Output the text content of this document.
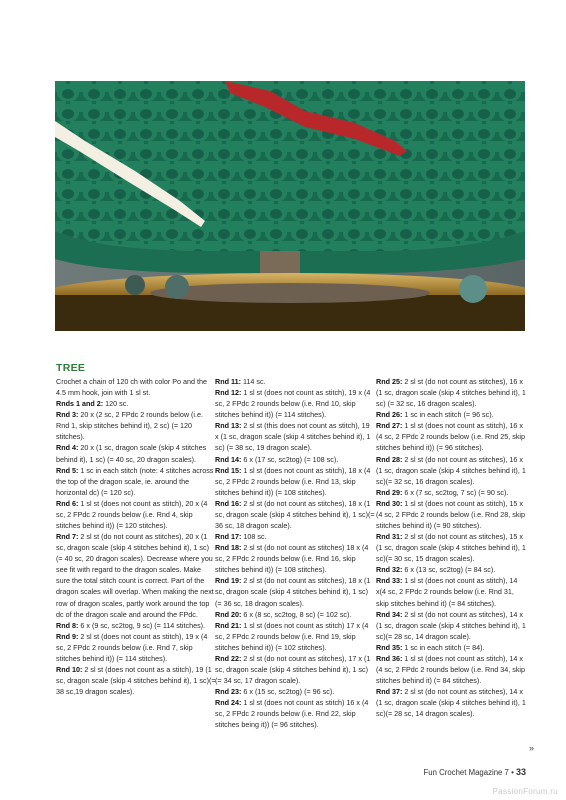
TREE

Crochet a chain of 120 ch with color Po and the 4.5 mm hook, join with 1 sl st.

Rnds 1 and 2: 120 sc.

Rnd 3: 20 x (2 sc, 2 FPdc 2 rounds below (i.e. Rnd 1, skip stitches behind it), 2 sc) (= 120 stitches).

Rnd 4: 20 x (1 sc, dragon scale (skip 4 stitches behind it), 1 sc) (= 40 sc, 20 dragon scales).

Rnd 5: 1 sc in each stitch (note: 4 stitches across the top of the dragon scale, ie. around the horizontal dc) (= 120 sc).

Rnd 6: 1 sl st (does not count as stitch), 20 x (4 sc, 2 FPdc 2 rounds below (i.e. Rnd 4, skip stitches behind it)) (= 120 stitches).

Rnd 7: 2 sl st (do not count as stitches), 20 x (1 sc, dragon scale (skip 4 stitches behind it), 1 sc) (= 40 sc, 20 dragon scales). Decrease where you see fit with regard to the dragon scales. Make sure the total stitch count is correct. Part of the dragon scales will overlap. When making the next row of dragon scales, partly work around the top dc of the dragon scale and around the FPdc.

Rnd 8: 6 x (9 sc, sc2tog, 9 sc) (= 114 stitches).

Rnd 9: 2 sl st (does not count as stitch), 19 x (4 sc, 2 FPdc 2 rounds below (i.e. Rnd 7, skip stitches behind it)) (= 114 stitches).

Rnd 10: 2 sl st (does not count as a stitch), 19 (1 sc, dragon scale (skip 4 stitches behind it), 1 sc)(= 38 sc,19 dragon scales).

Rnd 11: 114 sc.

Rnd 12: 1 sl st (does not count as stitch), 19 x (4 sc, 2 FPdc 2 rounds below (i.e. Rnd 10, skip stitches behind it)) (= 114 stitches).

Rnd 13: 2 sl st (this does not count as stitch), 19 x (1 sc, dragon scale (skip 4 stitches behind it), 1 sc) (= 38 sc, 19 dragon scale).

Rnd 14: 6 x (17 sc, sc2tog) (= 108 sc).

Rnd 15: 1 sl st (does not count as stitch), 18 x (4 sc, 2 FPdc 2 rounds below (i.e. Rnd 13, skip stitches behind it)) (= 108 stitches).

Rnd 16: 2 sl st (do not count as stitches), 18 x (1 sc, dragon scale (skip 4 stitches behind it), 1 sc)(= 36 sc, 18 dragon scale).

Rnd 17: 108 sc.

Rnd 18: 2 sl st (do not count as stitches) 18 x (4 sc, 2 FPdc 2 rounds below (i.e. Rnd 16, skip stitches behind it)) (= 108 stitches).

Rnd 19: 2 sl st (do not count as stitches), 18 x (1 sc, dragon scale (skip 4 stitches behind it), 1 sc) (= 36 sc, 18 dragon scales).

Rnd 20: 6 x (8 sc, sc2tog, 8 sc) (= 102 sc).

Rnd 21: 1 sl st (does not count as stitch) 17 x (4 sc, 2 FPdc 2 rounds below (i.e. Rnd 19, skip stitches behind it)) (= 102 stitches).

Rnd 22: 2 sl st (do not count as stitches), 17 x (1 sc, dragon scale (skip 4 stitches behind it), 1 sc) (= 34 sc, 17 dragon scale).

Rnd 23: 6 x (15 sc, sc2tog) (= 96 sc).

Rnd 24: 1 sl st (does not count as stitch) 16 x (4 sc, 2 FPdc 2 rounds below (i.e. Rnd 22, skip stitches being it)) (= 96 stitches).

Rnd 25: 2 sl st (do not count as stitches), 16 x (1 sc, dragon scale (skip 4 stitches behind it), 1 sc) (= 32 sc, 16 dragon scales).

Rnd 26: 1 sc in each stitch (= 96 sc).

Rnd 27: 1 sl st (does not count as stitch), 16 x (4 sc, 2 FPdc 2 rounds below (i.e. Rnd 25, skip stitches behind it)) (= 96 stitches).

Rnd 28: 2 sl st (do not count as stitches), 16 x (1 sc, dragon scale (skip 4 stitches behind it), 1 sc)(= 32 sc, 16 dragon scales).

Rnd 29: 6 x (7 sc, sc2tog, 7 sc) (= 90 sc).

Rnd 30: 1 sl st (does not count as stitch), 15 x (4 sc, 2 FPdc 2 rounds below (i.e. Rnd 28, skip stitches behind it) (= 90 stitches).

Rnd 31: 2 sl st (do not count as stitches), 15 x (1 sc, dragon scale (skip 4 stitches behind it), 1 sc)(= 30 sc, 15 dragon scales).

Rnd 32: 6 x (13 sc, sc2tog) (= 84 sc).

Rnd 33: 1 sl st (does not count as stitch), 14 x(4 sc, 2 FPdc 2 rounds below (i.e. Rnd 31, skip stitches behind it) (= 84 stitches).

Rnd 34: 2 sl st (do not count as stitches), 14 x (1 sc, dragon scale (skip 4 stitches behind it), 1 sc)(= 28 sc, 14 dragon scale).

Rnd 35: 1 sc in each stitch (= 84).

Rnd 36: 1 sl st (does not count as stitch), 14 x (4 sc, 2 FPdc 2 rounds below (i.e. Rnd 34, skip stitches behind it) (= 84 stitches).

Rnd 37: 2 sl st (do not count as stitches), 14 x (1 sc, dragon scale (skip 4 stitches behind it), 1 sc)(= 28 sc, 14 dragon scales).

»
Fun Crochet Magazine 7 • 33
PassionForum.ru
